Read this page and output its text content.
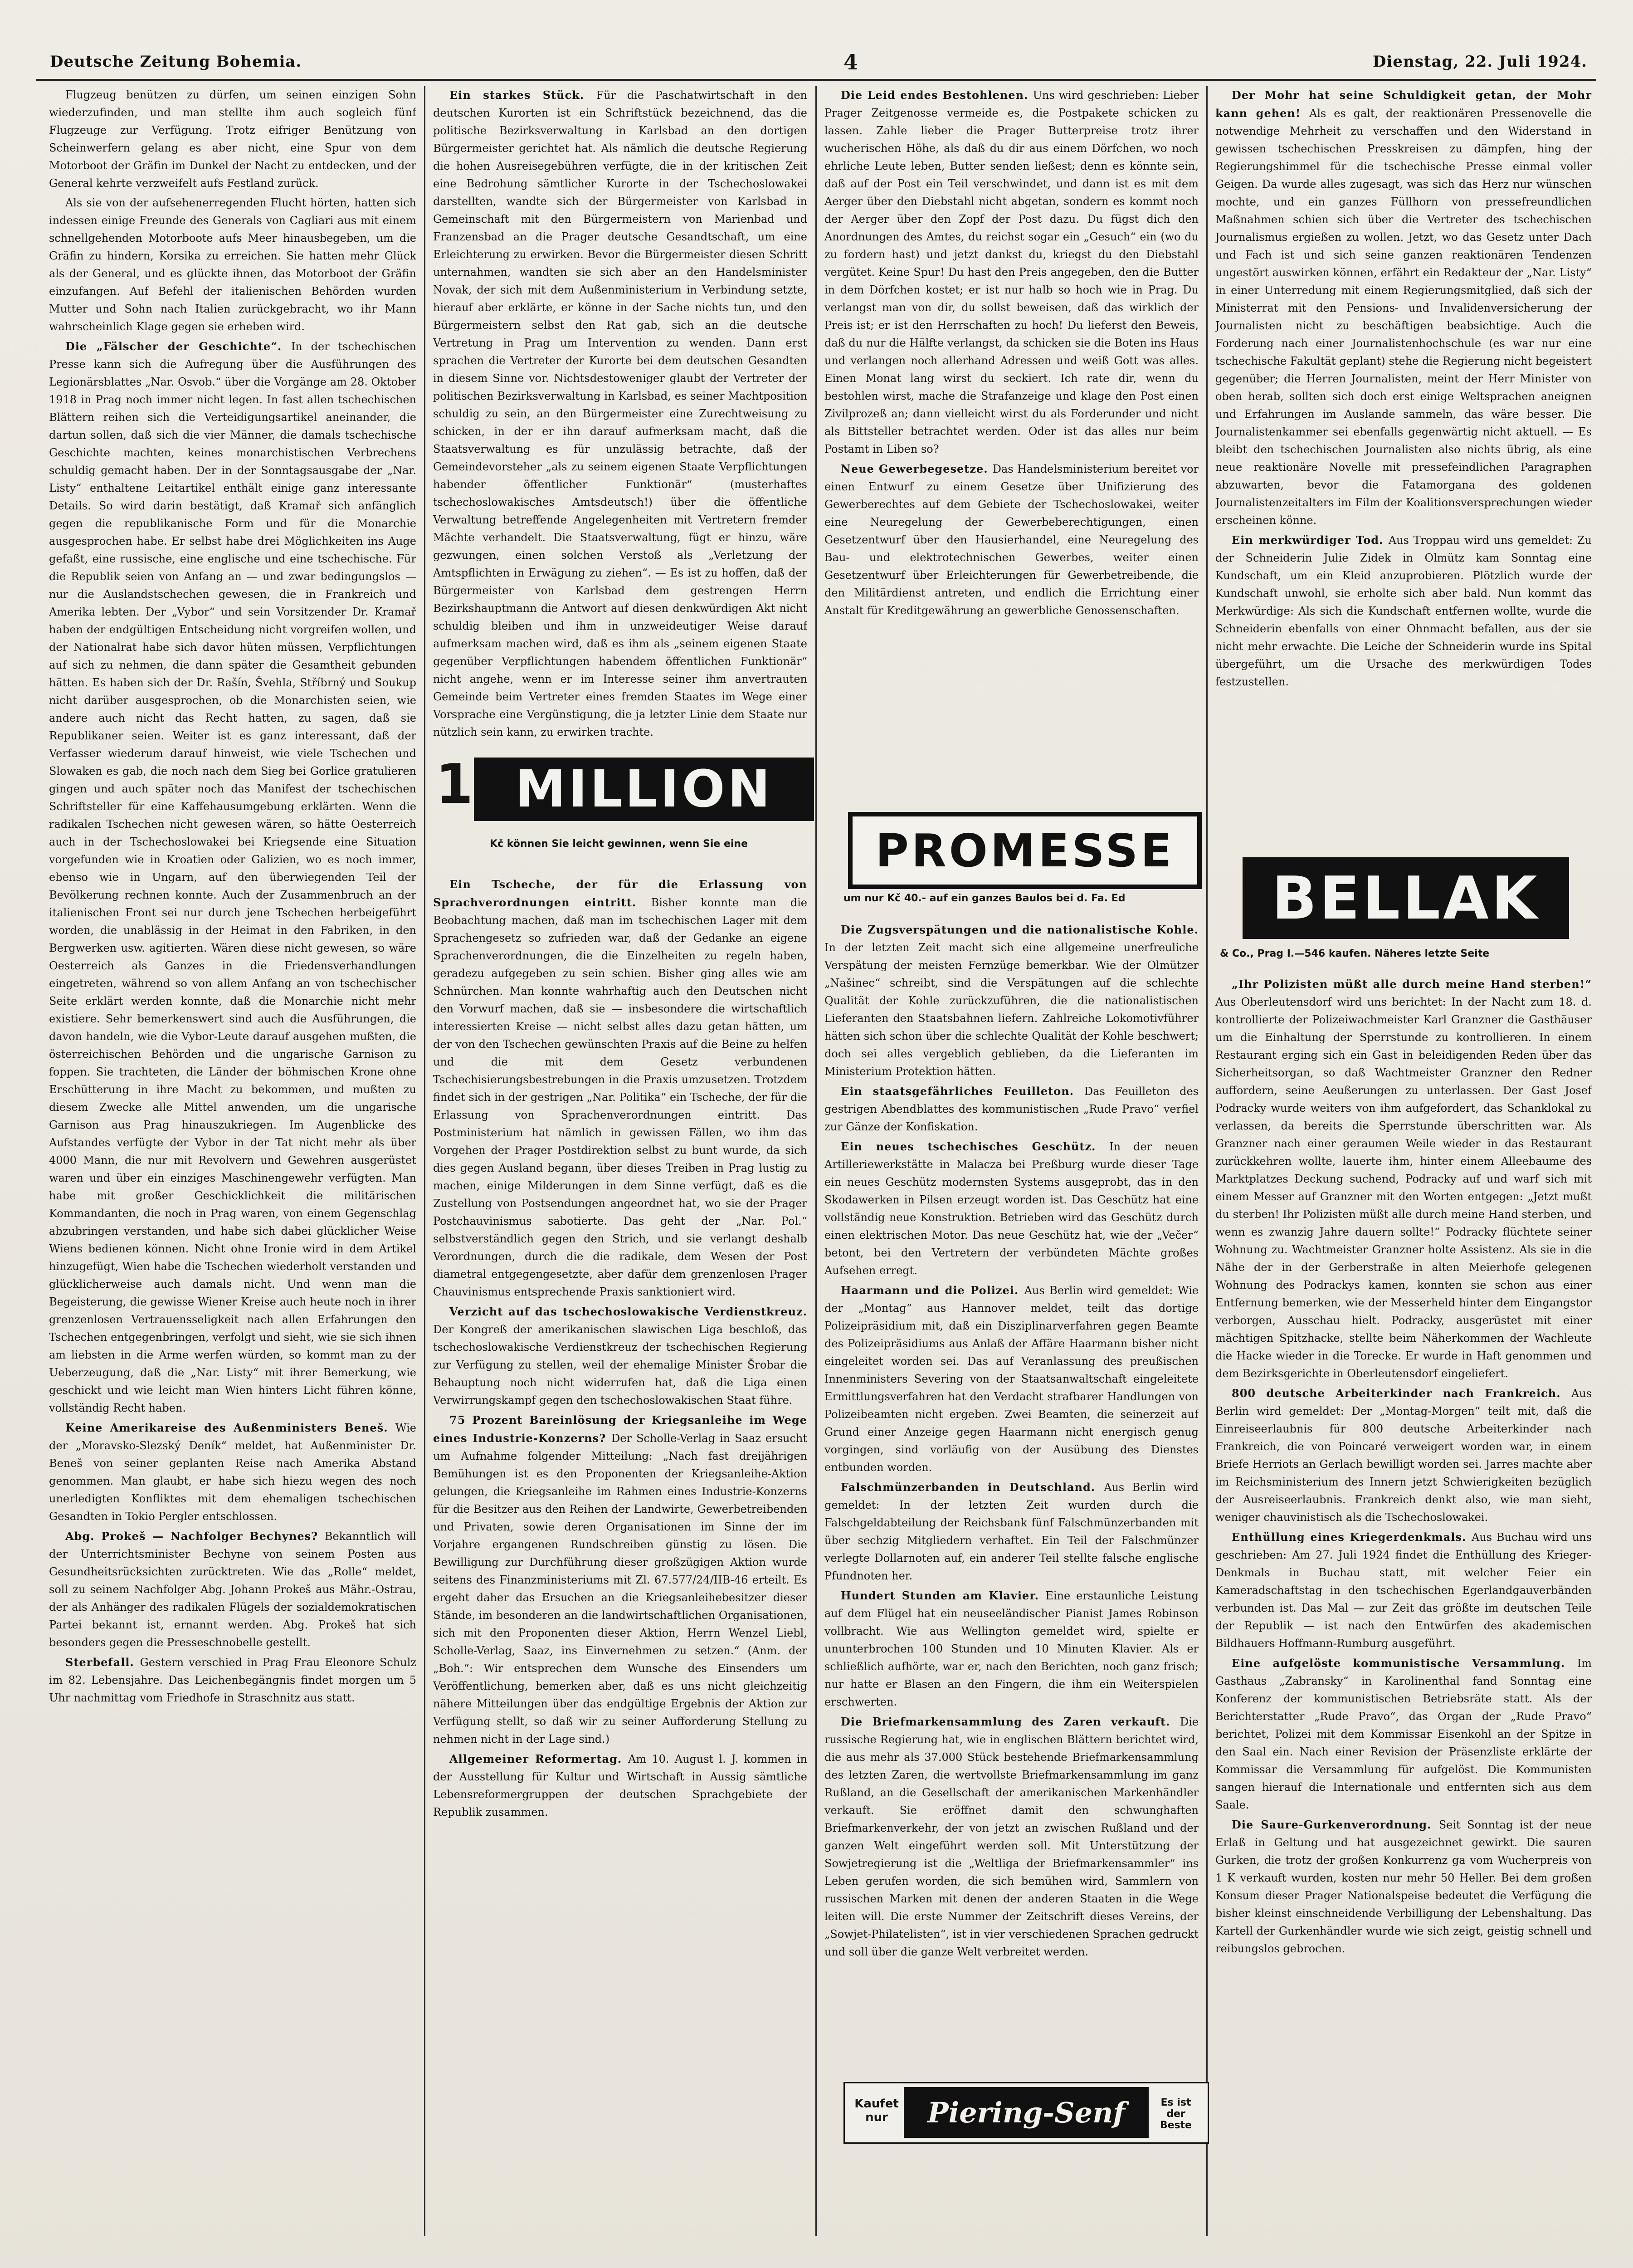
Deutsche Zeitung Bohemia.	4	Dienstag, 22. Juli 1924.

Flugzeug benützen zu dürfen, um seinen einzigen Sohn wiederzufinden, und man stellte ihm auch sogleich fünf Flugzeuge zur Verfügung. Trotz eifriger Benützung von Scheinwerfern gelang es aber nicht, eine Spur von dem Motorboot der Gräfin im Dunkel der Nacht zu entdecken, und der General kehrte verzweifelt aufs Festland zurück.

Als sie von der aufsehenerregenden Flucht hörten, hatten sich indessen einige Freunde des Generals von Cagliari aus mit einem schnellgehenden Motorboote aufs Meer hinausbegeben, um die Gräfin zu hindern, Korsika zu erreichen. Sie hatten mehr Glück als der General, und es glückte ihnen, das Motorboot der Gräfin einzufangen. Auf Befehl der italienischen Behörden wurden Mutter und Sohn nach Italien zurückgebracht, wo ihr Mann wahrscheinlich Klage gegen sie erheben wird.

Die „Fälscher der Geschichte“. In der tschechischen Presse kann sich die Aufregung über die Ausführungen des Legionärsblattes „Nar. Osvob.“ über die Vorgänge am 28. Oktober 1918 in Prag noch immer nicht legen. In fast allen tschechischen Blättern reihen sich die Verteidigungsartikel aneinander, die dartun sollen, daß sich die vier Männer, die damals tschechische Geschichte machten, keines monarchistischen Verbrechens schuldig gemacht haben. Der in der Sonntagsausgabe der „Nar. Listy“ enthaltene Leitartikel enthält einige ganz interessante Details. So wird darin bestätigt, daß Kramař sich anfänglich gegen die republikanische Form und für die Monarchie ausgesprochen habe. Er selbst habe drei Möglichkeiten ins Auge gefaßt, eine russische, eine englische und eine tschechische. Für die Republik seien von Anfang an — und zwar bedingungslos — nur die Auslandstschechen gewesen, die in Frankreich und Amerika lebten. Der „Vybor“ und sein Vorsitzender Dr. Kramař haben der endgültigen Entscheidung nicht vorgreifen wollen, und der Nationalrat habe sich davor hüten müssen, Verpflichtungen auf sich zu nehmen, die dann später die Gesamtheit gebunden hätten. Es haben sich der Dr. Rašín, Švehla, Stříbrný und Soukup nicht darüber ausgesprochen, ob die Monarchisten seien, wie andere auch nicht das Recht hatten, zu sagen, daß sie Republikaner seien. Weiter ist es ganz interessant, daß der Verfasser wiederum darauf hinweist, wie viele Tschechen und Slowaken es gab, die noch nach dem Sieg bei Gorlice gratulieren gingen und auch später noch das Manifest der tschechischen Schriftsteller für eine Kaffehausumgebung erklärten. Wenn die radikalen Tschechen nicht gewesen wären, so hätte Oesterreich auch in der Tschechoslowakei bei Kriegsende eine Situation vorgefunden wie in Kroatien oder Galizien, wo es noch immer, ebenso wie in Ungarn, auf den überwiegenden Teil der Bevölkerung rechnen konnte. Auch der Zusammenbruch an der italienischen Front sei nur durch jene Tschechen herbeigeführt worden, die unablässig in der Heimat in den Fabriken, in den Bergwerken usw. agitierten. Wären diese nicht gewesen, so wäre Oesterreich als Ganzes in die Friedensverhandlungen eingetreten, während so von allem Anfang an von tschechischer Seite erklärt werden konnte, daß die Monarchie nicht mehr existiere. Sehr bemerkenswert sind auch die Ausführungen, die davon handeln, wie die Vybor-Leute darauf ausgehen mußten, die österreichischen Behörden und die ungarische Garnison zu foppen. Sie trachteten, die Länder der böhmischen Krone ohne Erschütterung in ihre Macht zu bekommen, und mußten zu diesem Zwecke alle Mittel anwenden, um die ungarische Garnison aus Prag hinauszukriegen. Im Augenblicke des Aufstandes verfügte der Vybor in der Tat nicht mehr als über 4000 Mann, die nur mit Revolvern und Gewehren ausgerüstet waren und über ein einziges Maschinengewehr verfügten. Man habe mit großer Geschicklichkeit die militärischen Kommandanten, die noch in Prag waren, von einem Gegenschlag abzubringen verstanden, und habe sich dabei glücklicher Weise Wiens bedienen können. Nicht ohne Ironie wird in dem Artikel hinzugefügt, Wien habe die Tschechen wiederholt verstanden und glücklicherweise auch damals nicht. Und wenn man die Begeisterung, die gewisse Wiener Kreise auch heute noch in ihrer grenzenlosen Vertrauensseligkeit nach allen Erfahrungen den Tschechen entgegenbringen, verfolgt und sieht, wie sie sich ihnen am liebsten in die Arme werfen würden, so kommt man zu der Ueberzeugung, daß die „Nar. Listy“ mit ihrer Bemerkung, wie geschickt und wie leicht man Wien hinters Licht führen könne, vollständig Recht haben.

Keine Amerikareise des Außenministers Beneš. Wie der „Moravsko-Slezský Deník“ meldet, hat Außenminister Dr. Beneš von seiner geplanten Reise nach Amerika Abstand genommen. Man glaubt, er habe sich hiezu wegen des noch unerledigten Konfliktes mit dem ehemaligen tschechischen Gesandten in Tokio Pergler entschlossen.

Abg. Prokeš — Nachfolger Bechynes? Bekanntlich will der Unterrichtsminister Bechyne von seinem Posten aus Gesundheitsrücksichten zurücktreten. Wie das „Rolle“ meldet, soll zu seinem Nachfolger Abg. Johann Prokeš aus Mähr.-Ostrau, der als Anhänger des radikalen Flügels der sozialdemokratischen Partei bekannt ist, ernannt werden. Abg. Prokeš hat sich besonders gegen die Presseschnobelle gestellt.

Sterbefall. Gestern verschied in Prag Frau Eleonore Schulz im 82. Lebensjahre. Das Leichenbegängnis findet morgen um 5 Uhr nachmittag vom Friedhofe in Straschnitz aus statt.

Ein starkes Stück. Für die Paschatwirtschaft in den deutschen Kurorten ist ein Schriftstück bezeichnend, das die politische Bezirksverwaltung in Karlsbad an den dortigen Bürgermeister gerichtet hat. Als nämlich die deutsche Regierung die hohen Ausreisegebühren verfügte, die in der kritischen Zeit eine Bedrohung sämtlicher Kurorte in der Tschechoslowakei darstellten, wandte sich der Bürgermeister von Karlsbad in Gemeinschaft mit den Bürgermeistern von Marienbad und Franzensbad an die Prager deutsche Gesandtschaft, um eine Erleichterung zu erwirken. Bevor die Bürgermeister diesen Schritt unternahmen, wandten sie sich aber an den Handelsminister Novak, der sich mit dem Außenministerium in Verbindung setzte, hierauf aber erklärte, er könne in der Sache nichts tun, und den Bürgermeistern selbst den Rat gab, sich an die deutsche Vertretung in Prag um Intervention zu wenden. Dann erst sprachen die Vertreter der Kurorte bei dem deutschen Gesandten in diesem Sinne vor. Nichtsdestoweniger glaubt der Vertreter der politischen Bezirksverwaltung in Karlsbad, es seiner Machtposition schuldig zu sein, an den Bürgermeister eine Zurechtweisung zu schicken, in der er ihn darauf aufmerksam macht, daß die Staatsverwaltung es für unzulässig betrachte, daß der Gemeindevorsteher „als zu seinem eigenen Staate Verpflichtungen habender öffentlicher Funktionär“ (musterhaftes tschechoslowakisches Amtsdeutsch!) über die öffentliche Verwaltung betreffende Angelegenheiten mit Vertretern fremder Mächte verhandelt. Die Staatsverwaltung, fügt er hinzu, wäre gezwungen, einen solchen Verstoß als „Verletzung der Amtspflichten in Erwägung zu ziehen“. — Es ist zu hoffen, daß der Bürgermeister von Karlsbad dem gestrengen Herrn Bezirkshauptmann die Antwort auf diesen denkwürdigen Akt nicht schuldig bleiben und ihm in unzweideutiger Weise darauf aufmerksam machen wird, daß es ihm als „seinem eigenen Staate gegenüber Verpflichtungen habendem öffentlichen Funktionär“ nicht angehe, wenn er im Interesse seiner ihm anvertrauten Gemeinde beim Vertreter eines fremden Staates im Wege einer Vorsprache eine Vergünstigung, die ja letzter Linie dem Staate nur nützlich sein kann, zu erwirken trachte.

Ein Tscheche, der für die Erlassung von Sprachverordnungen eintritt. Bisher konnte man die Beobachtung machen, daß man im tschechischen Lager mit dem Sprachengesetz so zufrieden war, daß der Gedanke an eigene Sprachenverordnungen, die die Einzelheiten zu regeln haben, geradezu aufgegeben zu sein schien. Bisher ging alles wie am Schnürchen. Man konnte wahrhaftig auch den Deutschen nicht den Vorwurf machen, daß sie — insbesondere die wirtschaftlich interessierten Kreise — nicht selbst alles dazu getan hätten, um der von den Tschechen gewünschten Praxis auf die Beine zu helfen und die mit dem Gesetz verbundenen Tschechisierungsbestrebungen in die Praxis umzusetzen. Trotzdem findet sich in der gestrigen „Nar. Politika“ ein Tscheche, der für die Erlassung von Sprachenverordnungen eintritt. Das Postministerium hat nämlich in gewissen Fällen, wo ihm das Vorgehen der Prager Postdirektion selbst zu bunt wurde, da sich dies gegen Ausland begann, über dieses Treiben in Prag lustig zu machen, einige Milderungen in dem Sinne verfügt, daß es die Zustellung von Postsendungen angeordnet hat, wo sie der Prager Postchauvinismus sabotierte. Das geht der „Nar. Pol.“ selbstverständlich gegen den Strich, und sie verlangt deshalb Verordnungen, durch die die radikale, dem Wesen der Post diametral entgegengesetzte, aber dafür dem grenzenlosen Prager Chauvinismus entsprechende Praxis sanktioniert wird.

Verzicht auf das tschechoslowakische Verdienstkreuz. Der Kongreß der amerikanischen slawischen Liga beschloß, das tschechoslowakische Verdienstkreuz der tschechischen Regierung zur Verfügung zu stellen, weil der ehemalige Minister Šrobar die Behauptung noch nicht widerrufen hat, daß die Liga einen Verwirrungskampf gegen den tschechoslowakischen Staat führe.

75 Prozent Bareinlösung der Kriegsanleihe im Wege eines Industrie-Konzerns? Der Scholle-Verlag in Saaz ersucht um Aufnahme folgender Mitteilung: „Nach fast dreijährigen Bemühungen ist es den Proponenten der Kriegsanleihe-Aktion gelungen, die Kriegsanleihe im Rahmen eines Industrie-Konzerns für die Besitzer aus den Reihen der Landwirte, Gewerbetreibenden und Privaten, sowie deren Organisationen im Sinne der im Vorjahre ergangenen Rundschreiben günstig zu lösen. Die Bewilligung zur Durchführung dieser großzügigen Aktion wurde seitens des Finanzministeriums mit Zl. 67.577/24/IIB-46 erteilt. Es ergeht daher das Ersuchen an die Kriegsanleihebesitzer dieser Stände, im besonderen an die landwirtschaftlichen Organisationen, sich mit den Proponenten dieser Aktion, Herrn Wenzel Liebl, Scholle-Verlag, Saaz, ins Einvernehmen zu setzen.“ (Anm. der „Boh.“: Wir entsprechen dem Wunsche des Einsenders um Veröffentlichung, bemerken aber, daß es uns nicht gleichzeitig nähere Mitteilungen über das endgültige Ergebnis der Aktion zur Verfügung stellt, so daß wir zu seiner Aufforderung Stellung zu nehmen nicht in der Lage sind.)

Allgemeiner Reformertag. Am 10. August l. J. kommen in der Ausstellung für Kultur und Wirtschaft in Aussig sämtliche Lebensreformergruppen der deutschen Sprachgebiete der Republik zusammen.

Die Leid endes Bestohlenen. Uns wird geschrieben: Lieber Prager Zeitgenosse vermeide es, die Postpakete schicken zu lassen. Zahle lieber die Prager Butterpreise trotz ihrer wucherischen Höhe, als daß du dir aus einem Dörfchen, wo noch ehrliche Leute leben, Butter senden ließest; denn es könnte sein, daß auf der Post ein Teil verschwindet, und dann ist es mit dem Aerger über den Diebstahl nicht abgetan, sondern es kommt noch der Aerger über den Zopf der Post dazu. Du fügst dich den Anordnungen des Amtes, du reichst sogar ein „Gesuch“ ein (wo du zu fordern hast) und jetzt dankst du, kriegst du den Diebstahl vergütet. Keine Spur! Du hast den Preis angegeben, den die Butter in dem Dörfchen kostet; er ist nur halb so hoch wie in Prag. Du verlangst man von dir, du sollst beweisen, daß das wirklich der Preis ist; er ist den Herrschaften zu hoch! Du lieferst den Beweis, daß du nur die Hälfte verlangst, da schicken sie die Boten ins Haus und verlangen noch allerhand Adressen und weiß Gott was alles. Einen Monat lang wirst du seckiert. Ich rate dir, wenn du bestohlen wirst, mache die Strafanzeige und klage den Post einen Zivilprozeß an; dann vielleicht wirst du als Forderunder und nicht als Bittsteller betrachtet werden. Oder ist das alles nur beim Postamt in Liben so?

Neue Gewerbegesetze. Das Handelsministerium bereitet vor einen Entwurf zu einem Gesetze über Unifizierung des Gewerberechtes auf dem Gebiete der Tschechoslowakei, weiter eine Neuregelung der Gewerbeberechtigungen, einen Gesetzentwurf über den Hausierhandel, eine Neuregelung des Bau- und elektrotechnischen Gewerbes, weiter einen Gesetzentwurf über Erleichterungen für Gewerbetreibende, die den Militärdienst antreten, und endlich die Errichtung einer Anstalt für Kreditgewährung an gewerbliche Genossenschaften.

Die Zugsverspätungen und die nationalistische Kohle. In der letzten Zeit macht sich eine allgemeine unerfreuliche Verspätung der meisten Fernzüge bemerkbar. Wie der Olmützer „Našinec“ schreibt, sind die Verspätungen auf die schlechte Qualität der Kohle zurückzuführen, die die nationalistischen Lieferanten den Staatsbahnen liefern. Zahlreiche Lokomotivführer hätten sich schon über die schlechte Qualität der Kohle beschwert; doch sei alles vergeblich geblieben, da die Lieferanten im Ministerium Protektion hätten.

Ein staatsgefährliches Feuilleton. Das Feuilleton des gestrigen Abendblattes des kommunistischen „Rude Pravo“ verfiel zur Gänze der Konfiskation.

Ein neues tschechisches Geschütz. In der neuen Artilleriewerkstätte in Malacza bei Preßburg wurde dieser Tage ein neues Geschütz modernsten Systems ausgeprobt, das in den Skodawerken in Pilsen erzeugt worden ist. Das Geschütz hat eine vollständig neue Konstruktion. Betrieben wird das Geschütz durch einen elektrischen Motor. Das neue Geschütz hat, wie der „Večer“ betont, bei den Vertretern der verbündeten Mächte großes Aufsehen erregt.

Haarmann und die Polizei. Aus Berlin wird gemeldet: Wie der „Montag“ aus Hannover meldet, teilt das dortige Polizeipräsidium mit, daß ein Disziplinarverfahren gegen Beamte des Polizeipräsidiums aus Anlaß der Affäre Haarmann bisher nicht eingeleitet worden sei. Das auf Veranlassung des preußischen Innenministers Severing von der Staatsanwaltschaft eingeleitete Ermittlungsverfahren hat den Verdacht strafbarer Handlungen von Polizeibeamten nicht ergeben. Zwei Beamten, die seinerzeit auf Grund einer Anzeige gegen Haarmann nicht energisch genug vorgingen, sind vorläufig von der Ausübung des Dienstes entbunden worden.

Falschmünzerbanden in Deutschland. Aus Berlin wird gemeldet: In der letzten Zeit wurden durch die Falschgeldabteilung der Reichsbank fünf Falschmünzerbanden mit über sechzig Mitgliedern verhaftet. Ein Teil der Falschmünzer verlegte Dollarnoten auf, ein anderer Teil stellte falsche englische Pfundnoten her.

Hundert Stunden am Klavier. Eine erstaunliche Leistung auf dem Flügel hat ein neuseeländischer Pianist James Robinson vollbracht. Wie aus Wellington gemeldet wird, spielte er ununterbrochen 100 Stunden und 10 Minuten Klavier. Als er schließlich aufhörte, war er, nach den Berichten, noch ganz frisch; nur hatte er Blasen an den Fingern, die ihm ein Weiterspielen erschwerten.

Die Briefmarkensammlung des Zaren verkauft. Die russische Regierung hat, wie in englischen Blättern berichtet wird, die aus mehr als 37.000 Stück bestehende Briefmarkensammlung des letzten Zaren, die wertvollste Briefmarkensammlung im ganz Rußland, an die Gesellschaft der amerikanischen Markenhändler verkauft. Sie eröffnet damit den schwunghaften Briefmarkenverkehr, der von jetzt an zwischen Rußland und der ganzen Welt eingeführt werden soll. Mit Unterstützung der Sowjetregierung ist die „Weltliga der Briefmarkensammler“ ins Leben gerufen worden, die sich bemühen wird, Sammlern von russischen Marken mit denen der anderen Staaten in die Wege leiten will. Die erste Nummer der Zeitschrift dieses Vereins, der „Sowjet-Philatelisten“, ist in vier verschiedenen Sprachen gedruckt und soll über die ganze Welt verbreitet werden.

Der Mohr hat seine Schuldigkeit getan, der Mohr kann gehen! Als es galt, der reaktionären Pressenovelle die notwendige Mehrheit zu verschaffen und den Widerstand in gewissen tschechischen Presskreisen zu dämpfen, hing der Regierungshimmel für die tschechische Presse einmal voller Geigen. Da wurde alles zugesagt, was sich das Herz nur wünschen mochte, und ein ganzes Füllhorn von pressefreundlichen Maßnahmen schien sich über die Vertreter des tschechischen Journalismus ergießen zu wollen. Jetzt, wo das Gesetz unter Dach und Fach ist und sich seine ganzen reaktionären Tendenzen ungestört auswirken können, erfährt ein Redakteur der „Nar. Listy“ in einer Unterredung mit einem Regierungsmitglied, daß sich der Ministerrat mit den Pensions- und Invalidenversicherung der Journalisten nicht zu beschäftigen beabsichtige. Auch die Forderung nach einer Journalistenhochschule (es war nur eine tschechische Fakultät geplant) stehe die Regierung nicht begeistert gegenüber; die Herren Journalisten, meint der Herr Minister von oben herab, sollten sich doch erst einige Weltsprachen aneignen und Erfahrungen im Auslande sammeln, das wäre besser. Die Journalistenkammer sei ebenfalls gegenwärtig nicht aktuell. — Es bleibt den tschechischen Journalisten also nichts übrig, als eine neue reaktionäre Novelle mit pressefeindlichen Paragraphen abzuwarten, bevor die Fatamorgana des goldenen Journalistenzeitalters im Film der Koalitionsversprechungen wieder erscheinen könne.

Ein merkwürdiger Tod. Aus Troppau wird uns gemeldet: Zu der Schneiderin Julie Zidek in Olmütz kam Sonntag eine Kundschaft, um ein Kleid anzuprobieren. Plötzlich wurde der Kundschaft unwohl, sie erholte sich aber bald. Nun kommt das Merkwürdige: Als sich die Kundschaft entfernen wollte, wurde die Schneiderin ebenfalls von einer Ohnmacht befallen, aus der sie nicht mehr erwachte. Die Leiche der Schneiderin wurde ins Spital übergeführt, um die Ursache des merkwürdigen Todes festzustellen.

„Ihr Polizisten müßt alle durch meine Hand sterben!“ Aus Oberleutensdorf wird uns berichtet: In der Nacht zum 18. d. kontrollierte der Polizeiwachmeister Karl Granzner die Gasthäuser um die Einhaltung der Sperrstunde zu kontrollieren. In einem Restaurant erging sich ein Gast in beleidigenden Reden über das Sicherheitsorgan, so daß Wachtmeister Granzner den Redner auffordern, seine Aeußerungen zu unterlassen. Der Gast Josef Podracky wurde weiters von ihm aufgefordert, das Schanklokal zu verlassen, da bereits die Sperrstunde überschritten war. Als Granzner nach einer geraumen Weile wieder in das Restaurant zurückkehren wollte, lauerte ihm, hinter einem Alleebaume des Marktplatzes Deckung suchend, Podracky auf und warf sich mit einem Messer auf Granzner mit den Worten entgegen: „Jetzt mußt du sterben! Ihr Polizisten müßt alle durch meine Hand sterben, und wenn es zwanzig Jahre dauern sollte!“ Podracky flüchtete seiner Wohnung zu. Wachtmeister Granzner holte Assistenz. Als sie in die Nähe der in der Gerberstraße in alten Meierhofe gelegenen Wohnung des Podrackys kamen, konnten sie schon aus einer Entfernung bemerken, wie der Messerheld hinter dem Eingangstor verborgen, Ausschau hielt. Podracky, ausgerüstet mit einer mächtigen Spitzhacke, stellte beim Näherkommen der Wachleute die Hacke wieder in die Torecke. Er wurde in Haft genommen und dem Bezirksgerichte in Oberleutensdorf eingeliefert.

800 deutsche Arbeiterkinder nach Frankreich. Aus Berlin wird gemeldet: Der „Montag-Morgen“ teilt mit, daß die Einreiseerlaubnis für 800 deutsche Arbeiterkinder nach Frankreich, die von Poincaré verweigert worden war, in einem Briefe Herriots an Gerlach bewilligt worden sei. Jarres machte aber im Reichsministerium des Innern jetzt Schwierigkeiten bezüglich der Ausreiseerlaubnis. Frankreich denkt also, wie man sieht, weniger chauvinistisch als die Tschechoslowakei.

Enthüllung eines Kriegerdenkmals. Aus Buchau wird uns geschrieben: Am 27. Juli 1924 findet die Enthüllung des Krieger-Denkmals in Buchau statt, mit welcher Feier ein Kameradschaftstag in den tschechischen Egerlandgauverbänden verbunden ist. Das Mal — zur Zeit das größte im deutschen Teile der Republik — ist nach den Entwürfen des akademischen Bildhauers Hoffmann-Rumburg ausgeführt.

Eine aufgelöste kommunistische Versammlung. Im Gasthaus „Zabransky“ in Karolinenthal fand Sonntag eine Konferenz der kommunistischen Betriebsräte statt. Als der Berichterstatter „Rude Pravo“, das Organ der „Rude Pravo“ berichtet, Polizei mit dem Kommissar Eisenkohl an der Spitze in den Saal ein. Nach einer Revision der Präsenzliste erklärte der Kommissar die Versammlung für aufgelöst. Die Kommunisten sangen hierauf die Internationale und entfernten sich aus dem Saale.

Die Saure-Gurkenverordnung. Seit Sonntag ist der neue Erlaß in Geltung und hat ausgezeichnet gewirkt. Die sauren Gurken, die trotz der großen Konkurrenz ga vom Wucherpreis von 1 K verkauft wurden, kosten nur mehr 50 Heller. Bei dem großen Konsum dieser Prager Nationalspeise bedeutet die Verfügung die bisher kleinst einschneidende Verbilligung der Lebenshaltung. Das Kartell der Gurkenhändler wurde wie sich zeigt, geistig schnell und reibungslos gebrochen.

1 MILLION
Kč können Sie leicht gewinnen, wenn Sie eine	PROMESSE
um nur Kč 40.- auf ein ganzes Baulos bei d. Fa. Ed BELLAK
& Co., Prag I.—546 kaufen. Näheres letzte Seite
Kaufet nur	Piering-Senf	Es ist der Beste
